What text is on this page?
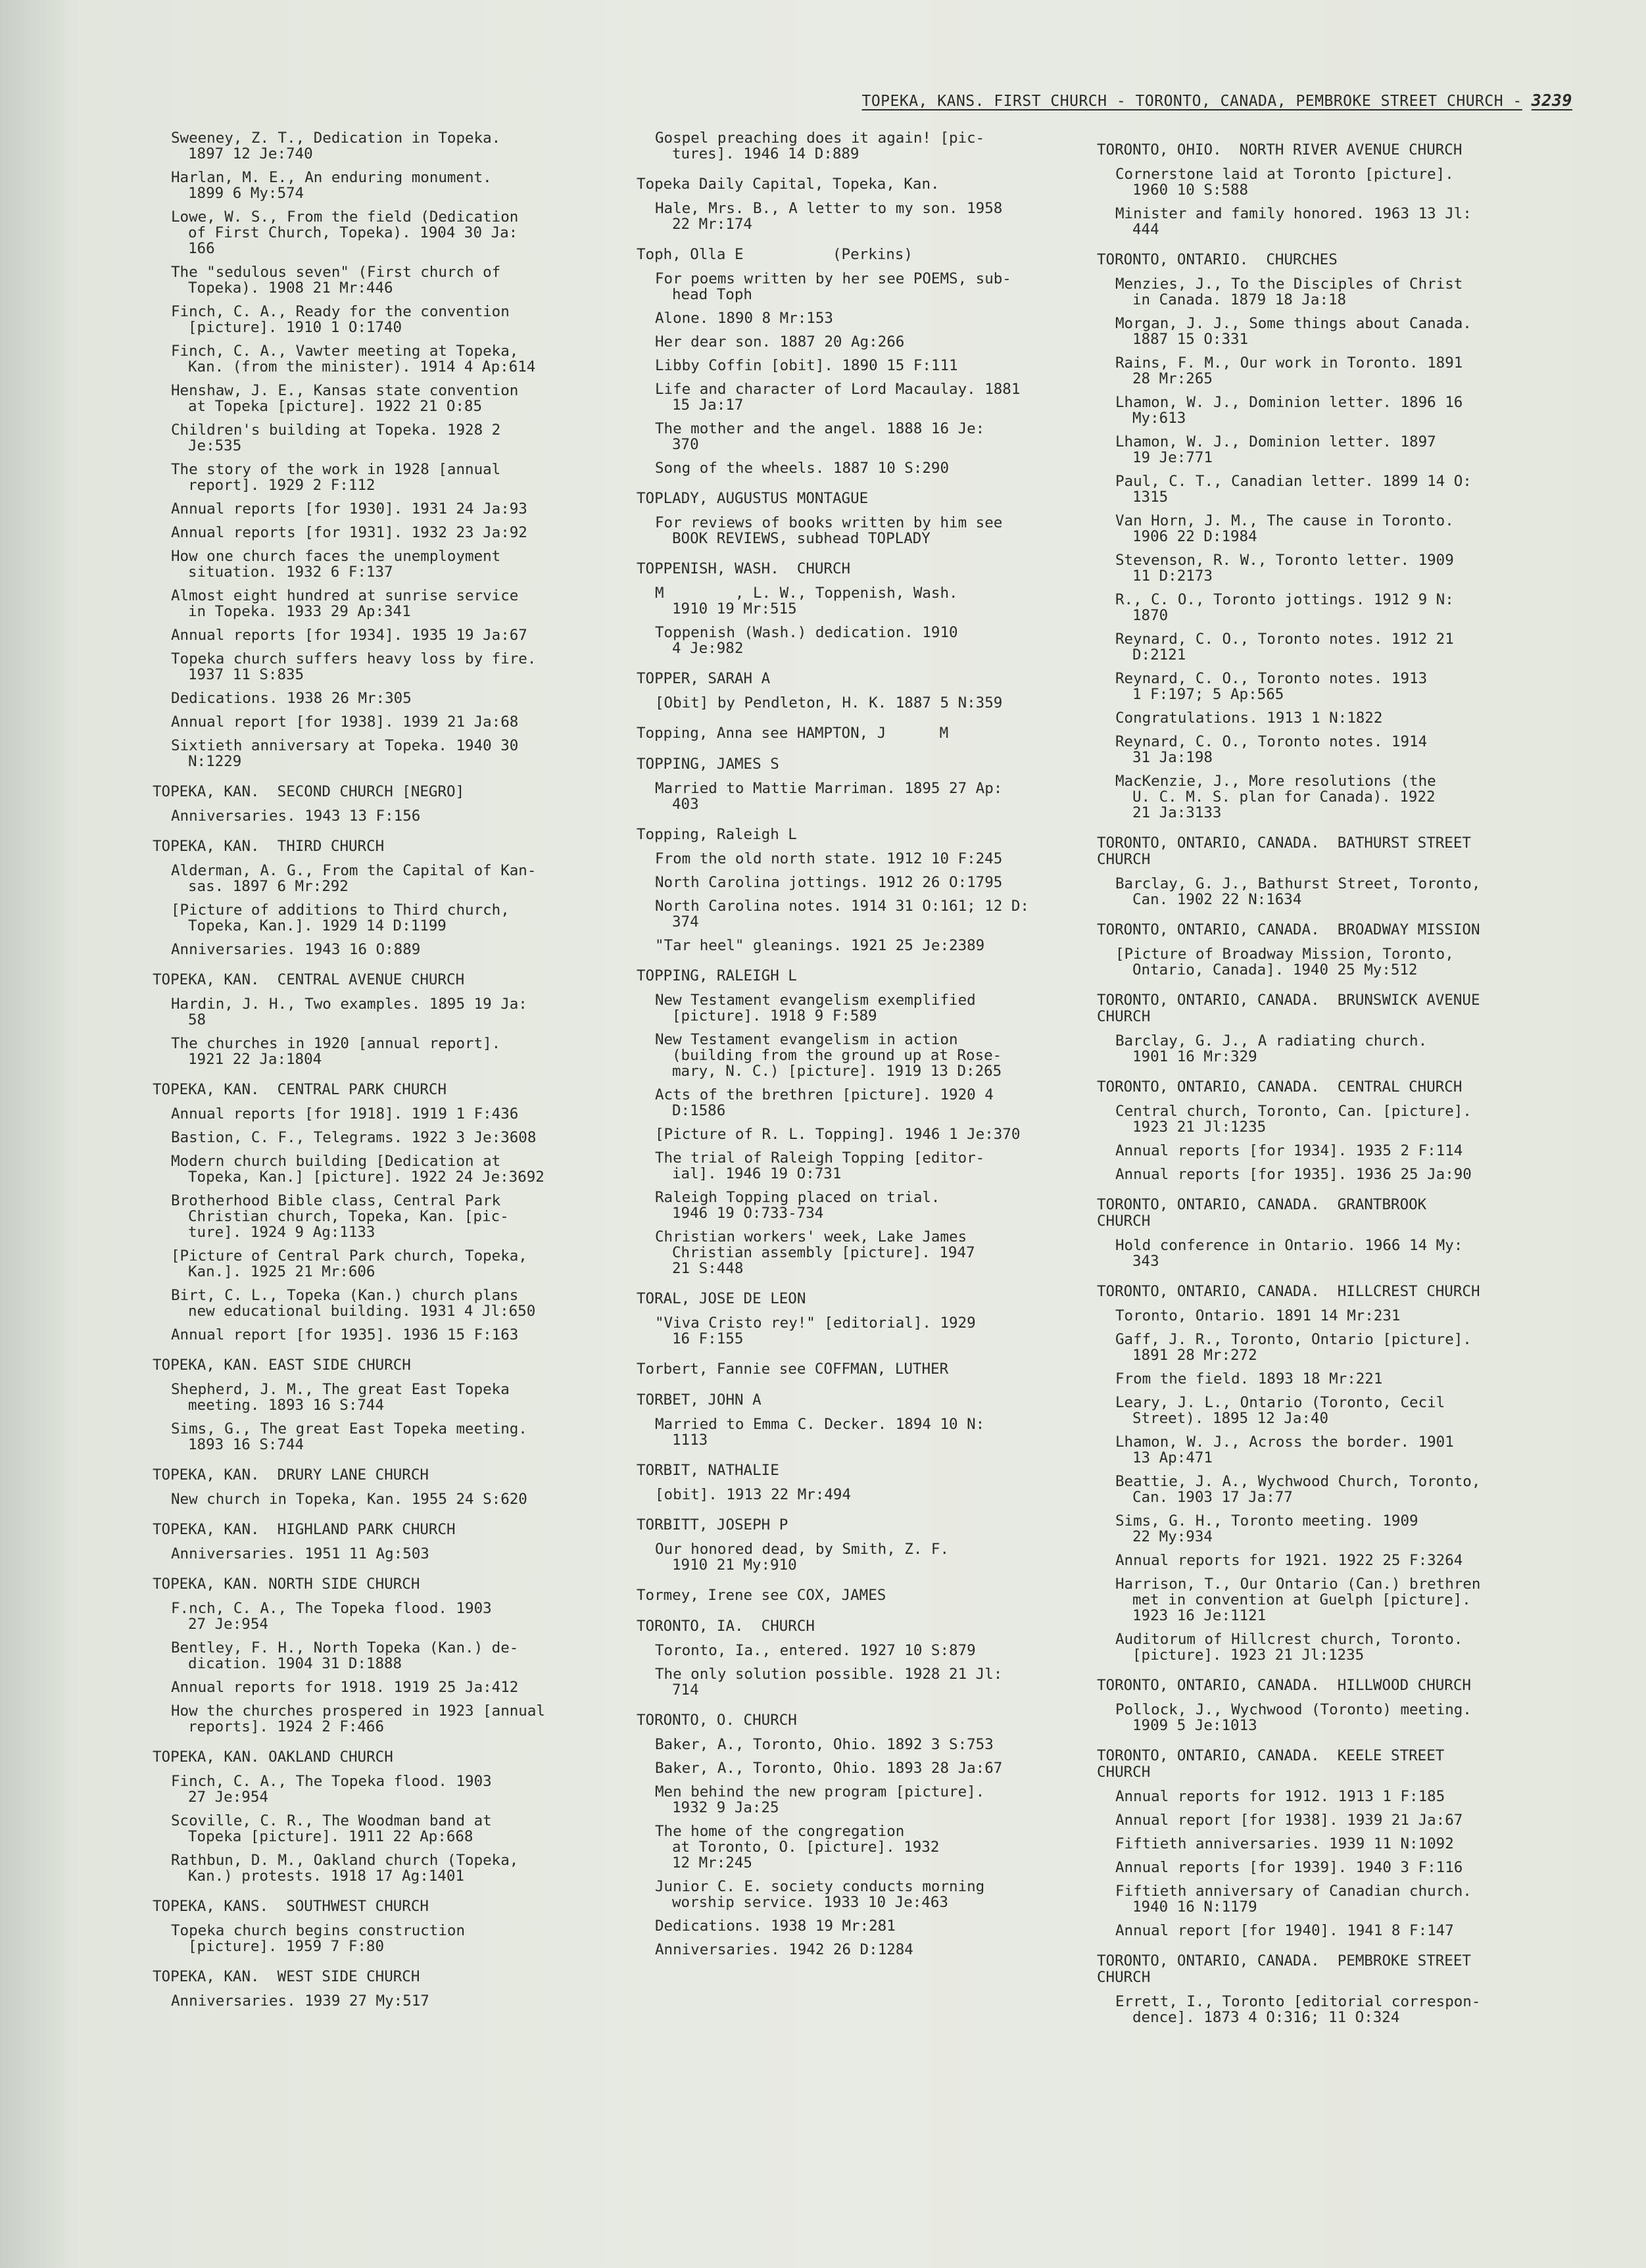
TOPEKA, KANS. FIRST CHURCH - TORONTO, CANADA, PEMBROKE STREET CHURCH - 3239
Sweeney, Z. T., Dedication in Topeka.
1897 12 Je:740
Harlan, M. E., An enduring monument.
1899 6 My:574
Lowe, W. S., From the field (Dedication
of First Church, Topeka). 1904 30 Ja:
166
The "sedulous seven" (First church of
Topeka). 1908 21 Mr:446
Finch, C. A., Ready for the convention
[picture]. 1910 1 O:1740
Finch, C. A., Vawter meeting at Topeka,
Kan. (from the minister). 1914 4 Ap:614
Henshaw, J. E., Kansas state convention
at Topeka [picture]. 1922 21 O:85
Children's building at Topeka. 1928 2
Je:535
The story of the work in 1928 [annual
report]. 1929 2 F:112
Annual reports [for 1930]. 1931 24 Ja:93
Annual reports [for 1931]. 1932 23 Ja:92
How one church faces the unemployment
situation. 1932 6 F:137
Almost eight hundred at sunrise service
in Topeka. 1933 29 Ap:341
Annual reports [for 1934]. 1935 19 Ja:67
Topeka church suffers heavy loss by fire.
1937 11 S:835
Dedications. 1938 26 Mr:305
Annual report [for 1938]. 1939 21 Ja:68
Sixtieth anniversary at Topeka. 1940 30
N:1229
TOPEKA, KAN.  SECOND CHURCH [NEGRO]
Anniversaries. 1943 13 F:156
TOPEKA, KAN.  THIRD CHURCH
Alderman, A. G., From the Capital of Kan-
sas. 1897 6 Mr:292
[Picture of additions to Third church,
Topeka, Kan.]. 1929 14 D:1199
Anniversaries. 1943 16 O:889
TOPEKA, KAN.  CENTRAL AVENUE CHURCH
Hardin, J. H., Two examples. 1895 19 Ja:
58
The churches in 1920 [annual report].
1921 22 Ja:1804
TOPEKA, KAN.  CENTRAL PARK CHURCH
Annual reports [for 1918]. 1919 1 F:436
Bastion, C. F., Telegrams. 1922 3 Je:3608
Modern church building [Dedication at
Topeka, Kan.] [picture]. 1922 24 Je:3692
Brotherhood Bible class, Central Park
Christian church, Topeka, Kan. [pic-
ture]. 1924 9 Ag:1133
[Picture of Central Park church, Topeka,
Kan.]. 1925 21 Mr:606
Birt, C. L., Topeka (Kan.) church plans
new educational building. 1931 4 Jl:650
Annual report [for 1935]. 1936 15 F:163
TOPEKA, KAN. EAST SIDE CHURCH
Shepherd, J. M., The great East Topeka
meeting. 1893 16 S:744
Sims, G., The great East Topeka meeting.
1893 16 S:744
TOPEKA, KAN.  DRURY LANE CHURCH
New church in Topeka, Kan. 1955 24 S:620
TOPEKA, KAN.  HIGHLAND PARK CHURCH
Anniversaries. 1951 11 Ag:503
TOPEKA, KAN. NORTH SIDE CHURCH
F.nch, C. A., The Topeka flood. 1903
27 Je:954
Bentley, F. H., North Topeka (Kan.) de-
dication. 1904 31 D:1888
Annual reports for 1918. 1919 25 Ja:412
How the churches prospered in 1923 [annual
reports]. 1924 2 F:466
TOPEKA, KAN. OAKLAND CHURCH
Finch, C. A., The Topeka flood. 1903
27 Je:954
Scoville, C. R., The Woodman band at
Topeka [picture]. 1911 22 Ap:668
Rathbun, D. M., Oakland church (Topeka,
Kan.) protests. 1918 17 Ag:1401
TOPEKA, KANS.  SOUTHWEST CHURCH
Topeka church begins construction
[picture]. 1959 7 F:80
TOPEKA, KAN.  WEST SIDE CHURCH
Anniversaries. 1939 27 My:517
Gospel preaching does it again! [pic-
tures]. 1946 14 D:889
Topeka Daily Capital, Topeka, Kan.
Hale, Mrs. B., A letter to my son. 1958
22 Mr:174
Toph, Olla E          (Perkins)
For poems written by her see POEMS, sub-
head Toph
Alone. 1890 8 Mr:153
Her dear son. 1887 20 Ag:266
Libby Coffin [obit]. 1890 15 F:111
Life and character of Lord Macaulay. 1881
15 Ja:17
The mother and the angel. 1888 16 Je:
370
Song of the wheels. 1887 10 S:290
TOPLADY, AUGUSTUS MONTAGUE
For reviews of books written by him see
BOOK REVIEWS, subhead TOPLADY
TOPPENISH, WASH.  CHURCH
M        , L. W., Toppenish, Wash.
1910 19 Mr:515
Toppenish (Wash.) dedication. 1910
4 Je:982
TOPPER, SARAH A
[Obit] by Pendleton, H. K. 1887 5 N:359
Topping, Anna see HAMPTON, J      M
TOPPING, JAMES S
Married to Mattie Marriman. 1895 27 Ap:
403
Topping, Raleigh L
From the old north state. 1912 10 F:245
North Carolina jottings. 1912 26 O:1795
North Carolina notes. 1914 31 O:161; 12 D:
374
"Tar heel" gleanings. 1921 25 Je:2389
TOPPING, RALEIGH L
New Testament evangelism exemplified
[picture]. 1918 9 F:589
New Testament evangelism in action
(building from the ground up at Rose-
mary, N. C.) [picture]. 1919 13 D:265
Acts of the brethren [picture]. 1920 4
D:1586
[Picture of R. L. Topping]. 1946 1 Je:370
The trial of Raleigh Topping [editor-
ial]. 1946 19 O:731
Raleigh Topping placed on trial.
1946 19 O:733-734
Christian workers' week, Lake James
Christian assembly [picture]. 1947
21 S:448
TORAL, JOSE DE LEON
"Viva Cristo rey!" [editorial]. 1929
16 F:155
Torbert, Fannie see COFFMAN, LUTHER
TORBET, JOHN A
Married to Emma C. Decker. 1894 10 N:
1113
TORBIT, NATHALIE
[obit]. 1913 22 Mr:494
TORBITT, JOSEPH P
Our honored dead, by Smith, Z. F.
1910 21 My:910
Tormey, Irene see COX, JAMES
TORONTO, IA.  CHURCH
Toronto, Ia., entered. 1927 10 S:879
The only solution possible. 1928 21 Jl:
714
TORONTO, O. CHURCH
Baker, A., Toronto, Ohio. 1892 3 S:753
Baker, A., Toronto, Ohio. 1893 28 Ja:67
Men behind the new program [picture].
1932 9 Ja:25
The home of the congregation
at Toronto, O. [picture]. 1932
12 Mr:245
Junior C. E. society conducts morning
worship service. 1933 10 Je:463
Dedications. 1938 19 Mr:281
Anniversaries. 1942 26 D:1284
TORONTO, OHIO.  NORTH RIVER AVENUE CHURCH
Cornerstone laid at Toronto [picture].
1960 10 S:588
Minister and family honored. 1963 13 Jl:
444
TORONTO, ONTARIO.  CHURCHES
Menzies, J., To the Disciples of Christ
in Canada. 1879 18 Ja:18
Morgan, J. J., Some things about Canada.
1887 15 O:331
Rains, F. M., Our work in Toronto. 1891
28 Mr:265
Lhamon, W. J., Dominion letter. 1896 16
My:613
Lhamon, W. J., Dominion letter. 1897
19 Je:771
Paul, C. T., Canadian letter. 1899 14 O:
1315
Van Horn, J. M., The cause in Toronto.
1906 22 D:1984
Stevenson, R. W., Toronto letter. 1909
11 D:2173
R., C. O., Toronto jottings. 1912 9 N:
1870
Reynard, C. O., Toronto notes. 1912 21
D:2121
Reynard, C. O., Toronto notes. 1913
1 F:197; 5 Ap:565
Congratulations. 1913 1 N:1822
Reynard, C. O., Toronto notes. 1914
31 Ja:198
MacKenzie, J., More resolutions (the
U. C. M. S. plan for Canada). 1922
21 Ja:3133
TORONTO, ONTARIO, CANADA.  BATHURST STREET
CHURCH
Barclay, G. J., Bathurst Street, Toronto,
Can. 1902 22 N:1634
TORONTO, ONTARIO, CANADA.  BROADWAY MISSION
[Picture of Broadway Mission, Toronto,
Ontario, Canada]. 1940 25 My:512
TORONTO, ONTARIO, CANADA.  BRUNSWICK AVENUE
CHURCH
Barclay, G. J., A radiating church.
1901 16 Mr:329
TORONTO, ONTARIO, CANADA.  CENTRAL CHURCH
Central church, Toronto, Can. [picture].
1923 21 Jl:1235
Annual reports [for 1934]. 1935 2 F:114
Annual reports [for 1935]. 1936 25 Ja:90
TORONTO, ONTARIO, CANADA.  GRANTBROOK
CHURCH
Hold conference in Ontario. 1966 14 My:
343
TORONTO, ONTARIO, CANADA.  HILLCREST CHURCH
Toronto, Ontario. 1891 14 Mr:231
Gaff, J. R., Toronto, Ontario [picture].
1891 28 Mr:272
From the field. 1893 18 Mr:221
Leary, J. L., Ontario (Toronto, Cecil
Street). 1895 12 Ja:40
Lhamon, W. J., Across the border. 1901
13 Ap:471
Beattie, J. A., Wychwood Church, Toronto,
Can. 1903 17 Ja:77
Sims, G. H., Toronto meeting. 1909
22 My:934
Annual reports for 1921. 1922 25 F:3264
Harrison, T., Our Ontario (Can.) brethren
met in convention at Guelph [picture].
1923 16 Je:1121
Auditorum of Hillcrest church, Toronto.
[picture]. 1923 21 Jl:1235
TORONTO, ONTARIO, CANADA.  HILLWOOD CHURCH
Pollock, J., Wychwood (Toronto) meeting.
1909 5 Je:1013
TORONTO, ONTARIO, CANADA.  KEELE STREET
CHURCH
Annual reports for 1912. 1913 1 F:185
Annual report [for 1938]. 1939 21 Ja:67
Fiftieth anniversaries. 1939 11 N:1092
Annual reports [for 1939]. 1940 3 F:116
Fiftieth anniversary of Canadian church.
1940 16 N:1179
Annual report [for 1940]. 1941 8 F:147
TORONTO, ONTARIO, CANADA.  PEMBROKE STREET
CHURCH
Errett, I., Toronto [editorial correspon-
dence]. 1873 4 O:316; 11 O:324
